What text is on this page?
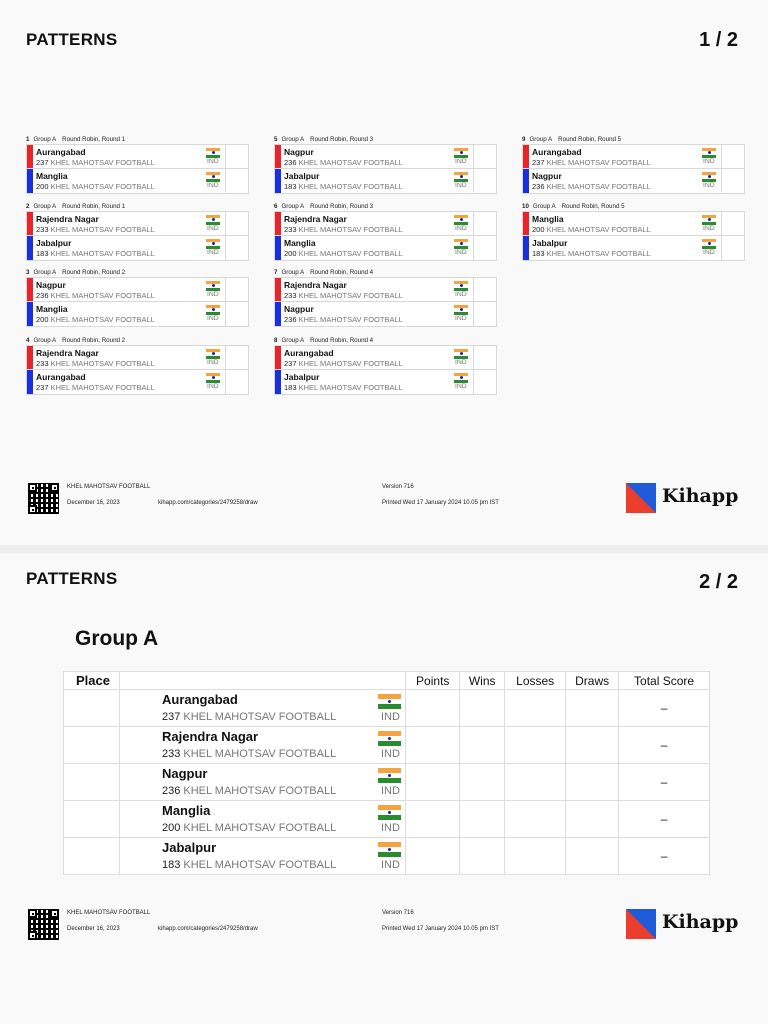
PATTERNS	1 / 2
1 Group A Round Robin, Round 1
Aurangabad
237 KHEL MAHOTSAV FOOTBALL	IND
Manglia
200 KHEL MAHOTSAV FOOTBALL	IND
2 Group A Round Robin, Round 1
Rajendra Nagar
233 KHEL MAHOTSAV FOOTBALL	IND
Jabalpur
183 KHEL MAHOTSAV FOOTBALL	IND
3 Group A Round Robin, Round 2
Nagpur
236 KHEL MAHOTSAV FOOTBALL	IND
Manglia
200 KHEL MAHOTSAV FOOTBALL	IND
4 Group A Round Robin, Round 2
Rajendra Nagar
233 KHEL MAHOTSAV FOOTBALL	IND
Aurangabad
237 KHEL MAHOTSAV FOOTBALL	IND
5 Group A Round Robin, Round 3
Nagpur
236 KHEL MAHOTSAV FOOTBALL	IND
Jabalpur
183 KHEL MAHOTSAV FOOTBALL	IND
6 Group A Round Robin, Round 3
Rajendra Nagar
233 KHEL MAHOTSAV FOOTBALL	IND
Manglia
200 KHEL MAHOTSAV FOOTBALL	IND
7 Group A Round Robin, Round 4
Rajendra Nagar
233 KHEL MAHOTSAV FOOTBALL	IND
Nagpur
236 KHEL MAHOTSAV FOOTBALL	IND
8 Group A Round Robin, Round 4
Aurangabad
237 KHEL MAHOTSAV FOOTBALL	IND
Jabalpur
183 KHEL MAHOTSAV FOOTBALL	IND
9 Group A Round Robin, Round 5
Aurangabad
237 KHEL MAHOTSAV FOOTBALL	IND
Nagpur
236 KHEL MAHOTSAV FOOTBALL	IND
10 Group A Round Robin, Round 5
Manglia
200 KHEL MAHOTSAV FOOTBALL	IND
Jabalpur
183 KHEL MAHOTSAV FOOTBALL	IND
KHEL MAHOTSAV FOOTBALL
December 16, 2023	kihapp.com/categories/2479258/draw
Version 716
Printed Wed 17 January 2024 10.05 pm IST	Kihapp
PATTERNS	2 / 2
Group A
Place		Points	Wins	Losses	Draws	Total Score

	Aurangabad
237 KHEL MAHOTSAV FOOTBALL IND					–

	Rajendra Nagar
233 KHEL MAHOTSAV FOOTBALL IND					–

	Nagpur
236 KHEL MAHOTSAV FOOTBALL IND					–

	Manglia
200 KHEL MAHOTSAV FOOTBALL IND					–

	Jabalpur
183 KHEL MAHOTSAV FOOTBALL IND					–
KHEL MAHOTSAV FOOTBALL
December 16, 2023	kihapp.com/categories/2479258/draw
Version 716
Printed Wed 17 January 2024 10.05 pm IST	Kihapp
